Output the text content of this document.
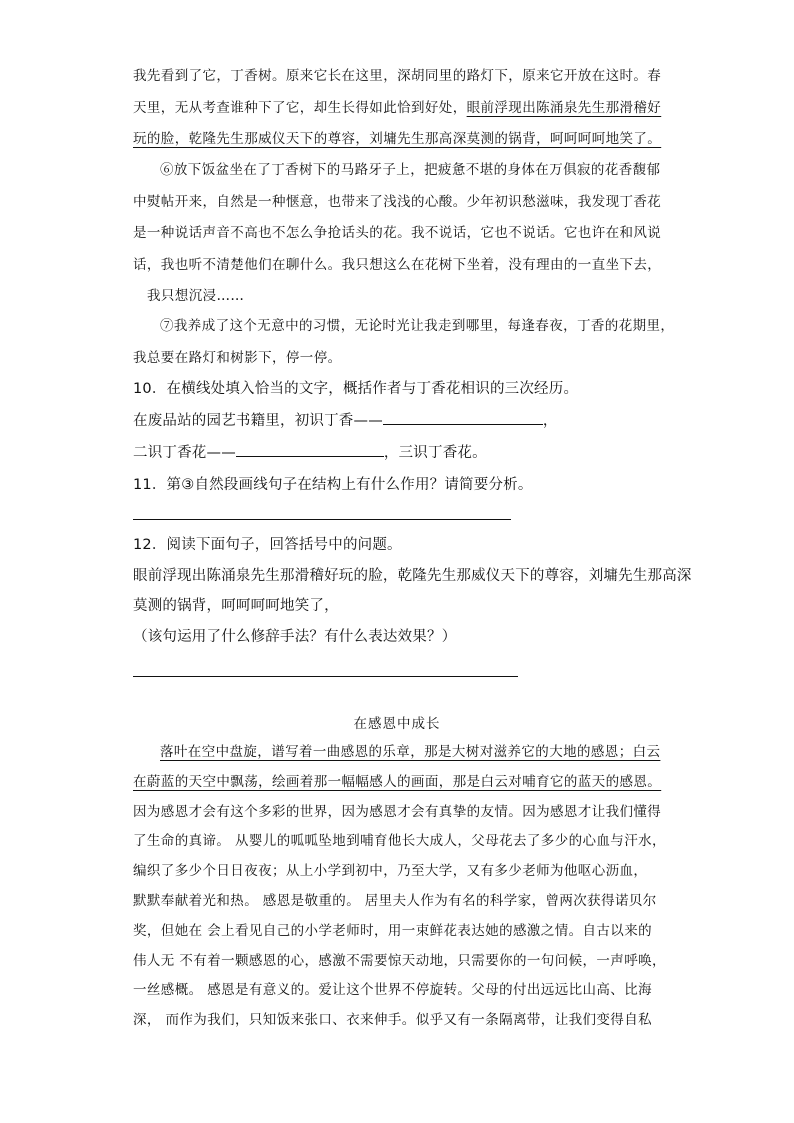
我先看到了它，丁香树。原来它长在这里，深胡同里的路灯下，原来它开放在这时。春
天里，无从考查谁种下了它，却生长得如此恰到好处，眼前浮现出陈涌泉先生那滑稽好
玩的脸，乾隆先生那威仪天下的尊容，刘墉先生那高深莫测的锅背，呵呵呵呵地笑了。
⑥放下饭盆坐在了丁香树下的马路牙子上，把疲惫不堪的身体在万俱寂的花香馥郁
中熨帖开来，自然是一种惬意，也带来了浅浅的心酸。少年初识愁滋味，我发现丁香花
是一种说话声音不高也不怎么争抢话头的花。我不说话，它也不说话。它也许在和风说
话，我也听不清楚他们在聊什么。我只想这么在花树下坐着，没有理由的一直坐下去，
我只想沉浸……
⑦我养成了这个无意中的习惯，无论时光让我走到哪里，每逢春夜，丁香的花期里，
我总要在路灯和树影下，停一停。
10．在横线处填入恰当的文字，概括作者与丁香花相识的三次经历。
在废品站的园艺书籍里，初识丁香——	，
二识丁香花——	，三识丁香花。
11．第③自然段画线句子在结构上有什么作用？请简要分析。
12．阅读下面句子，回答括号中的问题。
眼前浮现出陈涌泉先生那滑稽好玩的脸，乾隆先生那威仪天下的尊容，刘墉先生那高深
莫测的锅背，呵呵呵呵地笑了，
（该句运用了什么修辞手法？有什么表达效果？）
在感恩中成长
落叶在空中盘旋，谱写着一曲感恩的乐章，那是大树对滋养它的大地的感恩；白云
在蔚蓝的天空中飘荡，绘画着那一幅幅感人的画面，那是白云对哺育它的蓝天的感恩。
因为感恩才会有这个多彩的世界，因为感恩才会有真挚的友情。因为感恩才让我们懂得
了生命的真谛。 从婴儿的呱呱坠地到哺育他长大成人，父母花去了多少的心血与汗水，
编织了多少个日日夜夜；从上小学到初中，乃至大学，又有多少老师为他呕心沥血，
默默奉献着光和热。 感恩是敬重的。 居里夫人作为有名的科学家，曾两次获得诺贝尔
奖，但她在 会上看见自己的小学老师时，用一束鲜花表达她的感激之情。自古以来的
伟人无 不有着一颗感恩的心，感激不需要惊天动地，只需要你的一句问候，一声呼唤，
一丝感概。 感恩是有意义的。爱让这个世界不停旋转。父母的付出远远比山高、比海
深， 而作为我们，只知饭来张口、衣来伸手。似乎又有一条隔离带，让我们变得自私
